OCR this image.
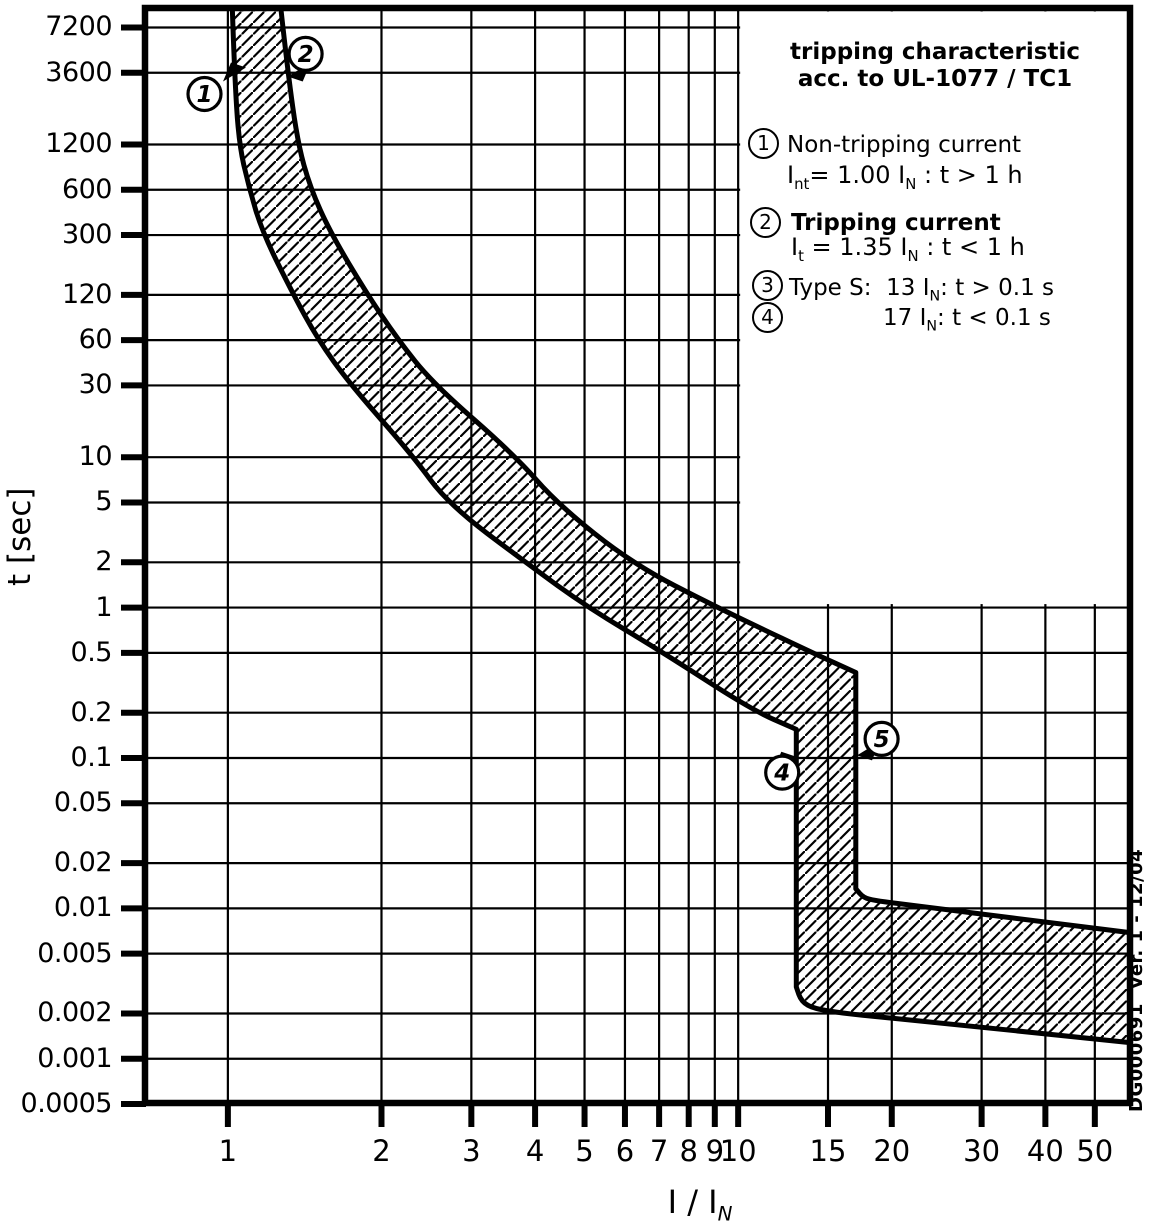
1
2
4
5
7200
3600
1200
600
300
120
60
30
10
5
2
1
0.5
0.2
0.1
0.05
0.02
0.01
0.005
0.002
0.001
0.0005
1	2	3	4	5 6 7 8 9
10	15 20	30 40 50
t [sec]
I / $I_N$
tripping characteristic
acc. to UL-1077 / TC1
1 Non-tripping current
$I_{nt}= 1.00$ $I_N$ : t > 1 h
2 Tripping current
$I_t = 1.35$ $I_N$ : t < 1 h
3 Type S:  13 $I_N$: t > 0.1 s
4	17 $I_N$: t < 0.1 s
DG000691  Ver. 1 - 12/04
